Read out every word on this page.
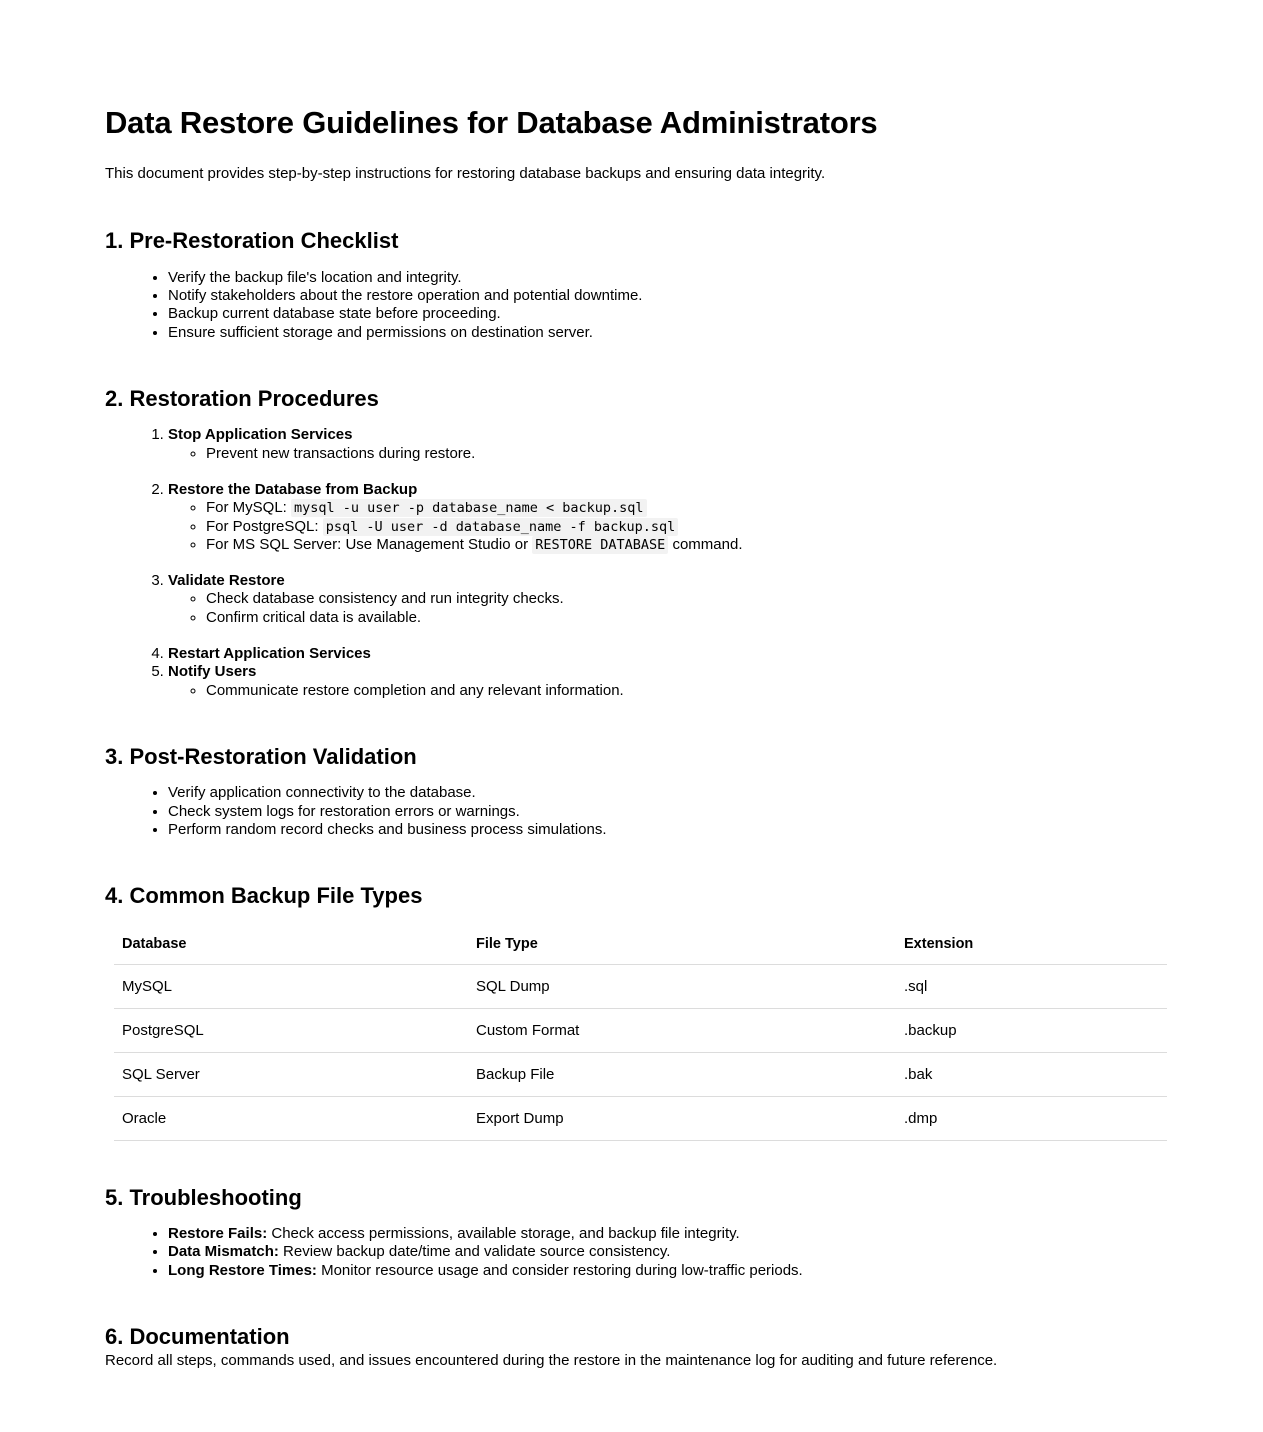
Data Restore Guidelines for Database Administrators

This document provides step-by-step instructions for restoring database backups and ensuring data integrity.

1. Pre-Restoration Checklist
• Verify the backup file's location and integrity.
• Notify stakeholders about the restore operation and potential downtime.
• Backup current database state before proceeding.
• Ensure sufficient storage and permissions on destination server.
2. Restoration Procedures
1. Stop Application Services
◦ Prevent new transactions during restore.
2. Restore the Database from Backup
◦ For MySQL: mysql -u user -p database_name < backup.sql
◦ For PostgreSQL: psql -U user -d database_name -f backup.sql
◦ For MS SQL Server: Use Management Studio or RESTORE DATABASE command.
3. Validate Restore
◦ Check database consistency and run integrity checks.
◦ Confirm critical data is available.
4. Restart Application Services
5. Notify Users
◦ Communicate restore completion and any relevant information.
3. Post-Restoration Validation
• Verify application connectivity to the database.
• Check system logs for restoration errors or warnings.
• Perform random record checks and business process simulations.
4. Common Backup File Types
Database	File Type	Extension
MySQL	SQL Dump	.sql
PostgreSQL	Custom Format	.backup
SQL Server	Backup File	.bak
Oracle	Export Dump	.dmp
5. Troubleshooting
• Restore Fails: Check access permissions, available storage, and backup file integrity.
• Data Mismatch: Review backup date/time and validate source consistency.
• Long Restore Times: Monitor resource usage and consider restoring during low-traffic periods.
6. Documentation

Record all steps, commands used, and issues encountered during the restore in the maintenance log for auditing and future reference.
